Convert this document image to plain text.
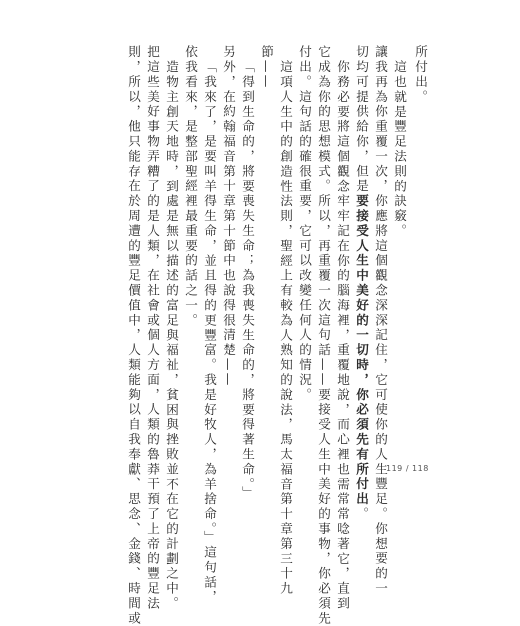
所付出。
這也就是豐足法則的訣竅。
讓我再為你重覆一次，你應將這個觀念深深記住，它可使你的人生豐足。你想要的一
切均可提供給你，但是要接受人生中美好的一切時，你必須先有所付出。
你務必要將這個觀念牢牢記在你的腦海裡，重覆地說，而心裡也需常常唸著它，直到
它成為你的思想模式。所以，再重覆一次這句話——要接受人生中美好的事物，你必須先
付出。這句話的確很重要，它可以改變任何人的情況。
這項人生中的創造性法則，聖經上有較為人熟知的說法，馬太福音第十章第三十九
節——
「得到生命的，將要喪失生命；為我喪失生命的，將要得著生命。」
另外，在約翰福音第十章第十節中也說得很清楚——
「我來了，是要叫羊得生命，並且得的更豐富。我是好牧人，為羊捨命。」這句話，
依我看來，是整部聖經裡最重要的話之一。
造物主創天地時，到處是無以描述的富足與福祉，貧困與挫敗並不在它的計劃之中。
把這些美好事物弄糟了的是人類，在社會或個人方面，人類的魯莽干預了上帝的豐足法
則，所以，他只能存在於周遭的豐足價值中，人類能夠以自我奉獻、思念、金錢、時間或	119 / 118
